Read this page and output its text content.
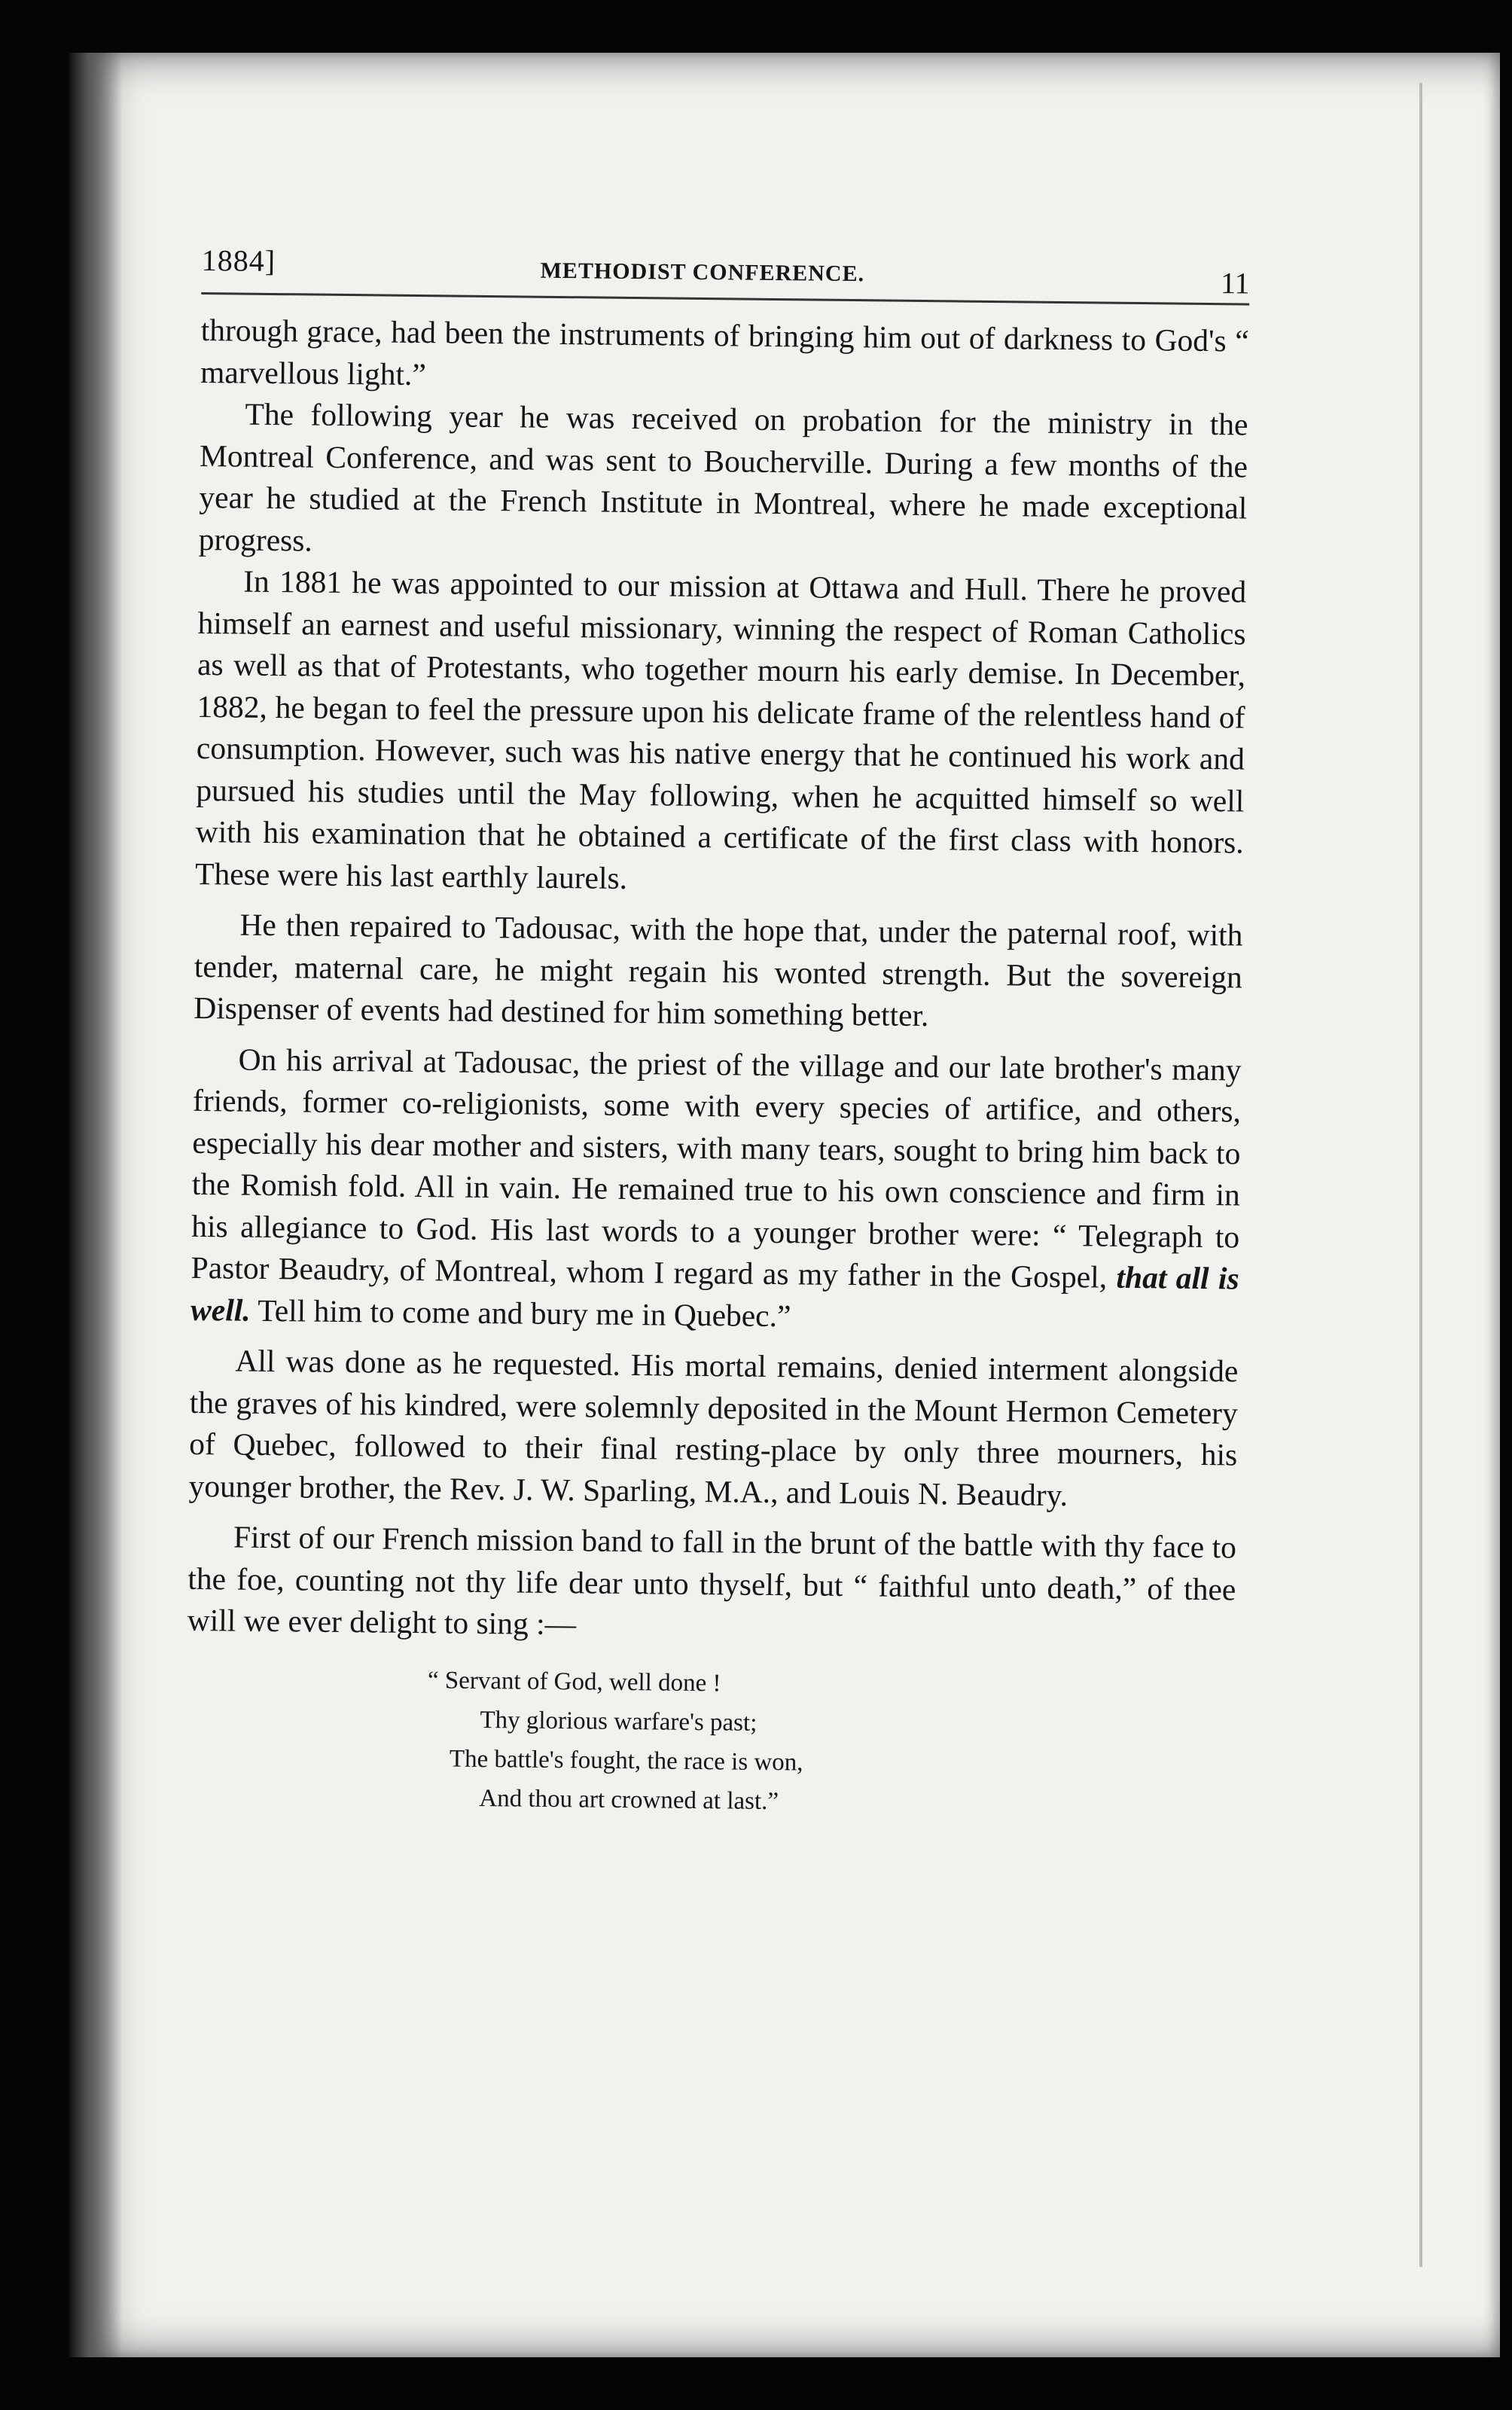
1884]	METHODIST CONFERENCE.	11

through grace, had been the instruments of bringing him out of darkness to God's “ marvellous light.”

The following year he was received on probation for the ministry in the Montreal Conference, and was sent to Boucherville. During a few months of the year he studied at the French Institute in Montreal, where he made exceptional progress.

In 1881 he was appointed to our mission at Ottawa and Hull. There he proved himself an earnest and useful missionary, winning the respect of Roman Catholics as well as that of Protestants, who together mourn his early demise. In December, 1882, he began to feel the pressure upon his delicate frame of the relentless hand of consumption. However, such was his native energy that he continued his work and pursued his studies until the May following, when he acquitted himself so well with his examination that he obtained a certificate of the first class with honors. These were his last earthly laurels.

He then repaired to Tadousac, with the hope that, under the paternal roof, with tender, maternal care, he might regain his wonted strength. But the sovereign Dispenser of events had destined for him something better.

On his arrival at Tadousac, the priest of the village and our late brother's many friends, former co-religionists, some with every species of artifice, and others, especially his dear mother and sisters, with many tears, sought to bring him back to the Romish fold. All in vain. He remained true to his own conscience and firm in his allegiance to God. His last words to a younger brother were: “ Telegraph to Pastor Beaudry, of Montreal, whom I regard as my father in the Gospel, that all is well. Tell him to come and bury me in Quebec.”

All was done as he requested. His mortal remains, denied interment alongside the graves of his kindred, were solemnly deposited in the Mount Hermon Cemetery of Quebec, followed to their final resting-place by only three mourners, his younger brother, the Rev. J. W. Sparling, M.A., and Louis N. Beaudry.

First of our French mission band to fall in the brunt of the battle with thy face to the foe, counting not thy life dear unto thyself, but “ faithful unto death,” of thee will we ever delight to sing :—

“ Servant of God, well done !
Thy glorious warfare's past;
The battle's fought, the race is won,
And thou art crowned at last.”
